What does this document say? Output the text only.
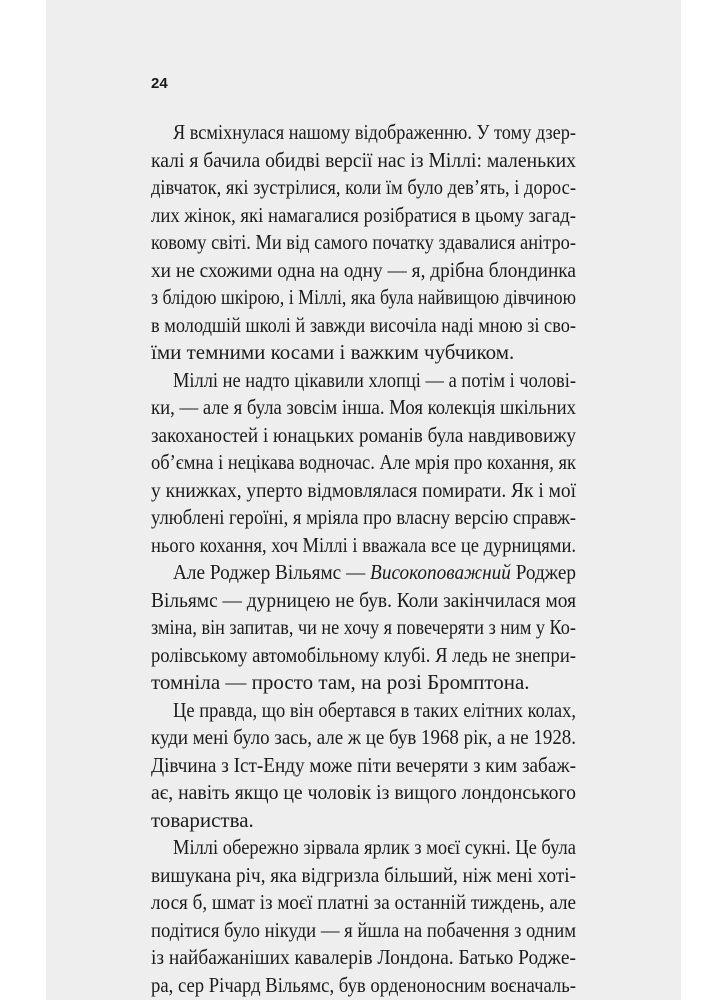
24

Я всміхнулася нашому відображенню. У тому дзер-
калі я бачила обидві версії нас із Міллі: маленьких
дівчаток, які зустрілися, коли їм було дев’ять, і дорос-
лих жінок, які намагалися розібратися в цьому загад-
ковому світі. Ми від самого початку здавалися анітро-
хи не схожими одна на одну — я, дрібна блондинка
з блідою шкірою, і Міллі, яка була найвищою дівчиною
в молодшій школі й завжди височіла наді мною зі сво-
їми темними косами і важким чубчиком.
Міллі не надто цікавили хлопці — а потім і чолові-
ки, — але я була зовсім інша. Моя колекція шкільних
закоханостей і юнацьких романів була навдивовижу
об’ємна і нецікава водночас. Але мрія про кохання, як
у книжках, уперто відмовлялася помирати. Як і мої
улюблені героїні, я мріяла про власну версію справж-
нього кохання, хоч Міллі і вважала все це дурницями.
Але Роджер Вільямс — Високоповажний Роджер
Вільямс — дурницею не був. Коли закінчилася моя
зміна, він запитав, чи не хочу я повечеряти з ним у Ко-
ролівському автомобільному клубі. Я ледь не знепри-
томніла — просто там, на розі Бромптона.
Це правда, що він обертався в таких елітних колах,
куди мені було зась, але ж це був 1968 рік, а не 1928.
Дівчина з Іст-Енду може піти вечеряти з ким забаж-
ає, навіть якщо це чоловік із вищого лондонського
товариства.
Міллі обережно зірвала ярлик з моєї сукні. Це була
вишукана річ, яка відгризла більший, ніж мені хоті-
лося б, шмат із моєї платні за останній тиждень, але
подітися було нікуди — я йшла на побачення з одним
із найбажаніших кавалерів Лондона. Батько Роджe-
ра, сер Річард Вільямс, був орденоносним воєначаль-
